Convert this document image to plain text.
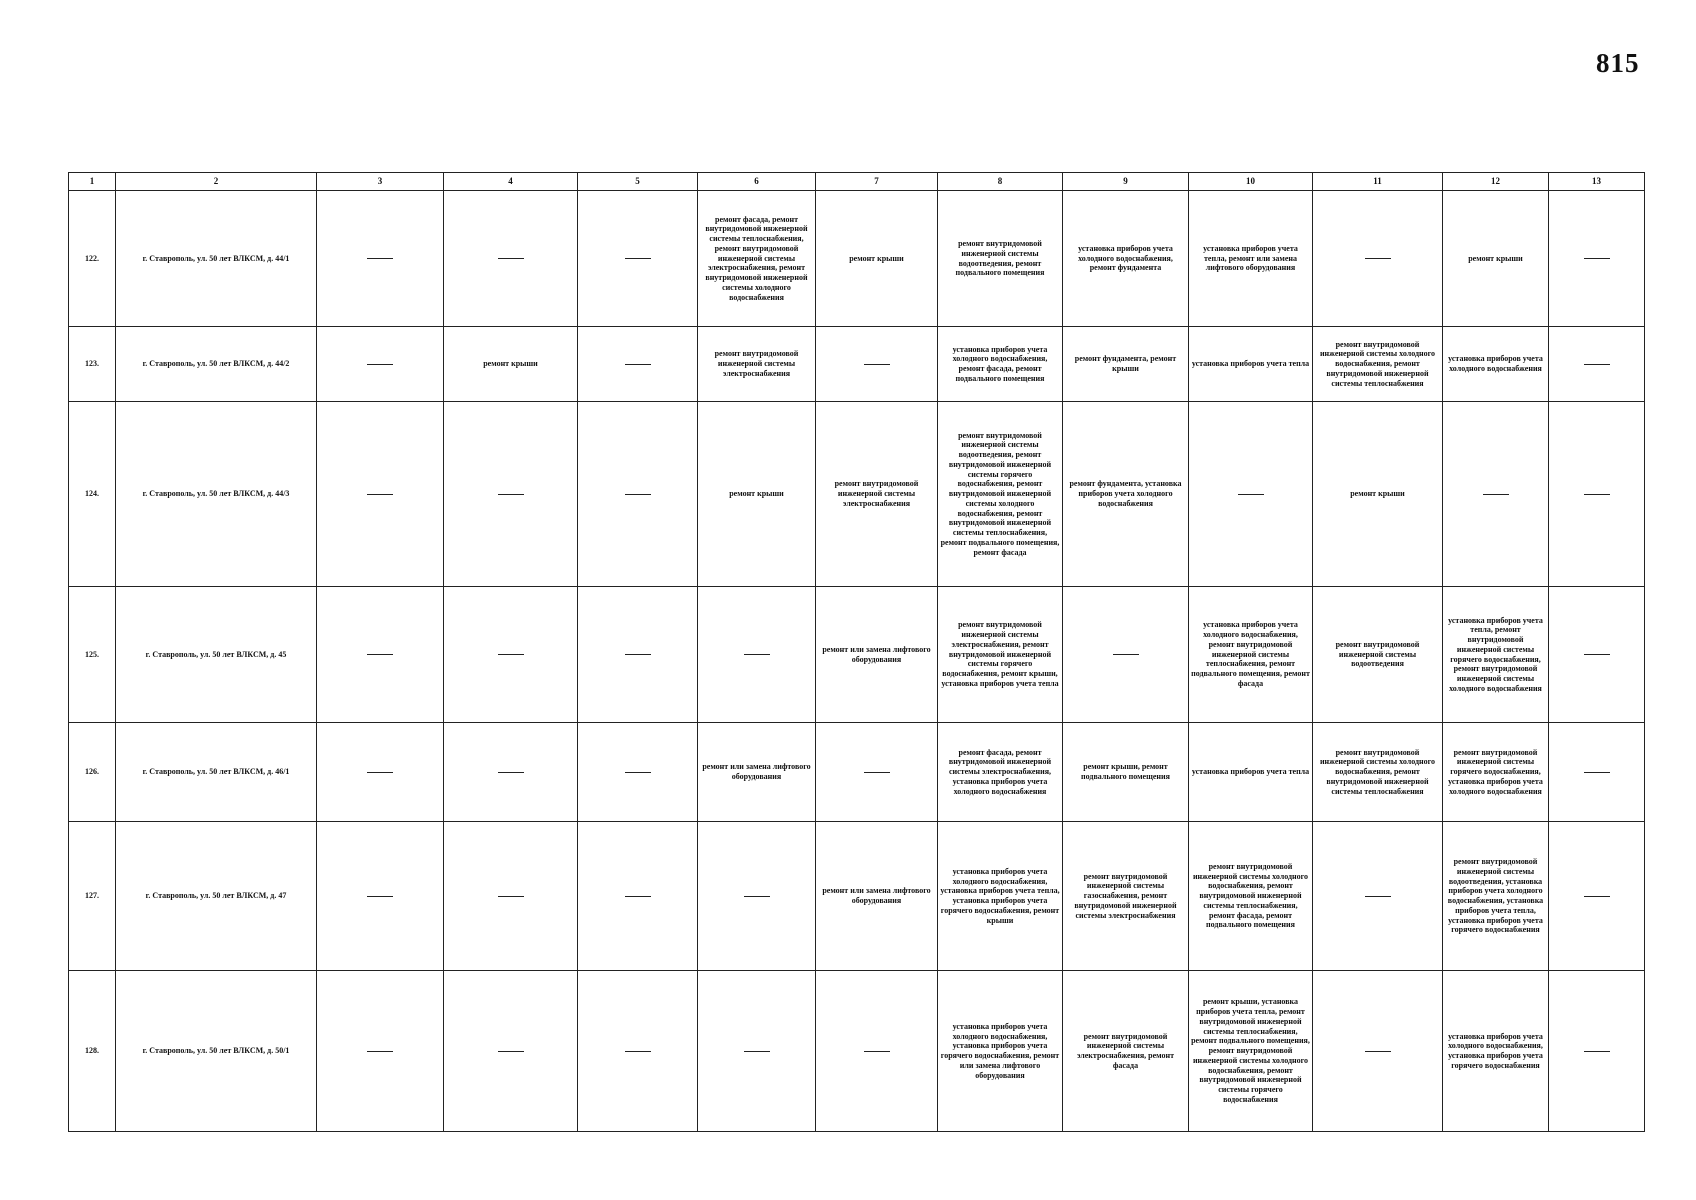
815
1	2	3	4	5	6	7	8	9	10	11	12	13
122.	г. Ставрополь, ул. 50 лет ВЛКСМ, д. 44/1				ремонт фасада, ремонт внутридомовой инженерной системы теплоснабжения, ремонт внутридомовой инженерной системы электроснабжения, ремонт внутридомовой инженерной системы холодного водоснабжения	ремонт крыши	ремонт внутридомовой инженерной системы водоотведения, ремонт подвального помещения	установка приборов учета холодного водоснабжения, ремонт фундамента	установка приборов учета тепла, ремонт или замена лифтового оборудования		ремонт крыши	
123.	г. Ставрополь, ул. 50 лет ВЛКСМ, д. 44/2		ремонт крыши		ремонт внутридомовой инженерной системы электроснабжения		установка приборов учета холодного водоснабжения, ремонт фасада, ремонт подвального помещения	ремонт фундамента, ремонт крыши	установка приборов учета тепла	ремонт внутридомовой инженерной системы холодного водоснабжения, ремонт внутридомовой инженерной системы теплоснабжения	установка приборов учета холодного водоснабжения	
124.	г. Ставрополь, ул. 50 лет ВЛКСМ, д. 44/3				ремонт крыши	ремонт внутридомовой инженерной системы электроснабжения	ремонт внутридомовой инженерной системы водоотведения, ремонт внутридомовой инженерной системы горячего водоснабжения, ремонт внутридомовой инженерной системы холодного водоснабжения, ремонт внутридомовой инженерной системы теплоснабжения, ремонт подвального помещения, ремонт фасада	ремонт фундамента, установка приборов учета холодного водоснабжения		ремонт крыши		
125.	г. Ставрополь, ул. 50 лет ВЛКСМ, д. 45					ремонт или замена лифтового оборудования	ремонт внутридомовой инженерной системы электроснабжения, ремонт внутридомовой инженерной системы горячего водоснабжения, ремонт крыши, установка приборов учета тепла		установка приборов учета холодного водоснабжения, ремонт внутридомовой инженерной системы теплоснабжения, ремонт подвального помещения, ремонт фасада	ремонт внутридомовой инженерной системы водоотведения	установка приборов учета тепла, ремонт внутридомовой инженерной системы горячего водоснабжения, ремонт внутридомовой инженерной системы холодного водоснабжения	
126.	г. Ставрополь, ул. 50 лет ВЛКСМ, д. 46/1				ремонт или замена лифтового оборудования		ремонт фасада, ремонт внутридомовой инженерной системы электроснабжения, установка приборов учета холодного водоснабжения	ремонт крыши, ремонт подвального помещения	установка приборов учета тепла	ремонт внутридомовой инженерной системы холодного водоснабжения, ремонт внутридомовой инженерной системы теплоснабжения	ремонт внутридомовой инженерной системы горячего водоснабжения, установка приборов учета холодного водоснабжения	
127.	г. Ставрополь, ул. 50 лет ВЛКСМ, д. 47					ремонт или замена лифтового оборудования	установка приборов учета холодного водоснабжения, установка приборов учета тепла, установка приборов учета горячего водоснабжения, ремонт крыши	ремонт внутридомовой инженерной системы газоснабжения, ремонт внутридомовой инженерной системы электроснабжения	ремонт внутридомовой инженерной системы холодного водоснабжения, ремонт внутридомовой инженерной системы теплоснабжения, ремонт фасада, ремонт подвального помещения		ремонт внутридомовой инженерной системы водоотведения, установка приборов учета холодного водоснабжения, установка приборов учета тепла, установка приборов учета горячего водоснабжения	
128.	г. Ставрополь, ул. 50 лет ВЛКСМ, д. 50/1						установка приборов учета холодного водоснабжения, установка приборов учета горячего водоснабжения, ремонт или замена лифтового оборудования	ремонт внутридомовой инженерной системы электроснабжения, ремонт фасада	ремонт крыши, установка приборов учета тепла, ремонт внутридомовой инженерной системы теплоснабжения, ремонт подвального помещения, ремонт внутридомовой инженерной системы холодного водоснабжения, ремонт внутридомовой инженерной системы горячего водоснабжения		установка приборов учета холодного водоснабжения, установка приборов учета горячего водоснабжения	
